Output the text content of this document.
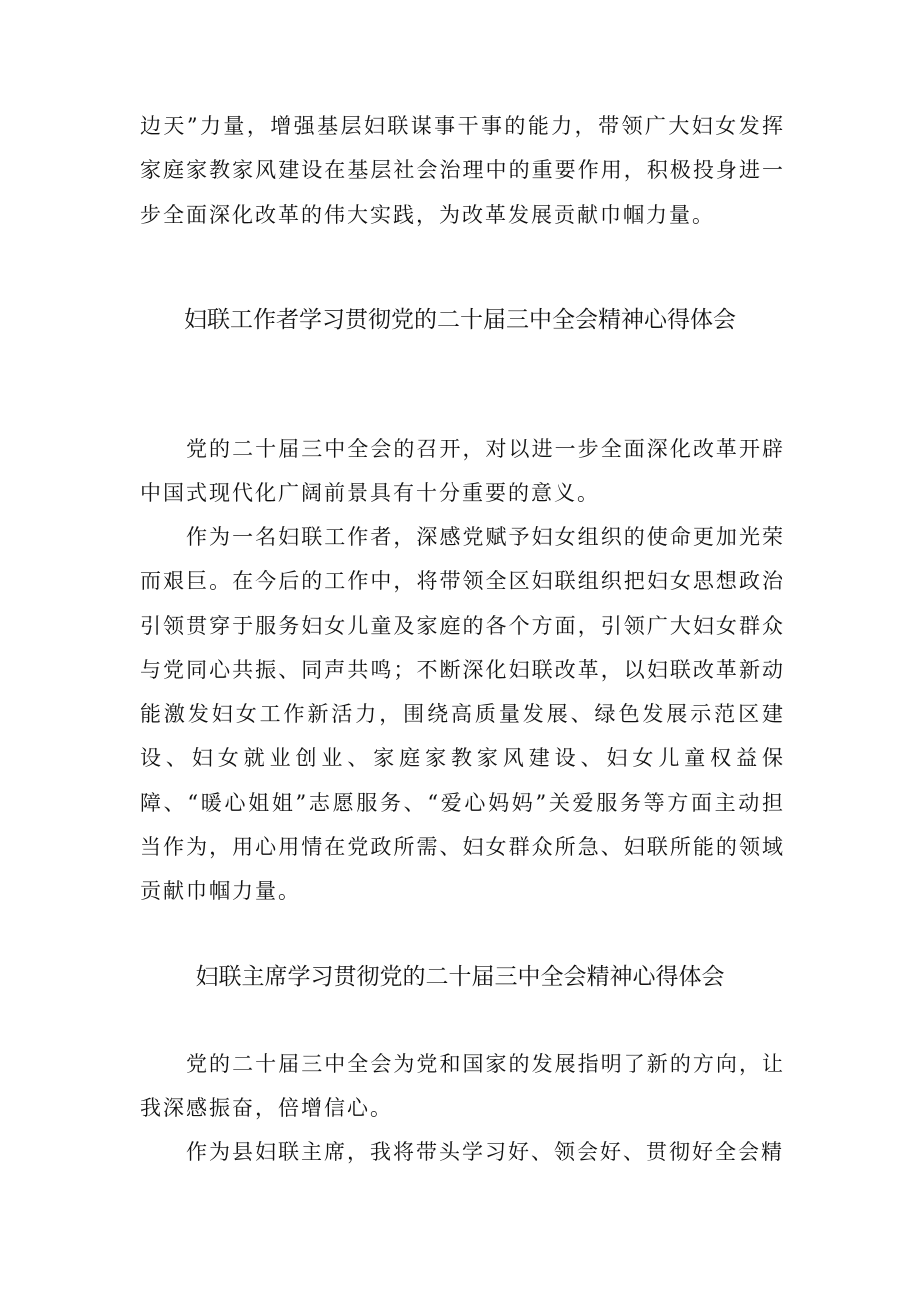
边天”力量，增强基层妇联谋事干事的能力，带领广大妇女发挥家庭家教家风建设在基层社会治理中的重要作用，积极投身进一步全面深化改革的伟大实践，为改革发展贡献巾帼力量。

妇联工作者学习贯彻党的二十届三中全会精神心得体会

党的二十届三中全会的召开，对以进一步全面深化改革开辟中国式现代化广阔前景具有十分重要的意义。

作为一名妇联工作者，深感党赋予妇女组织的使命更加光荣而艰巨。在今后的工作中，将带领全区妇联组织把妇女思想政治引领贯穿于服务妇女儿童及家庭的各个方面，引领广大妇女群众与党同心共振、同声共鸣；不断深化妇联改革，以妇联改革新动能激发妇女工作新活力，围绕高质量发展、绿色发展示范区建设、妇女就业创业、家庭家教家风建设、妇女儿童权益保障、“暖心姐姐”志愿服务、“爱心妈妈”关爱服务等方面主动担当作为，用心用情在党政所需、妇女群众所急、妇联所能的领域贡献巾帼力量。

妇联主席学习贯彻党的二十届三中全会精神心得体会

党的二十届三中全会为党和国家的发展指明了新的方向，让我深感振奋，倍增信心。

作为县妇联主席，我将带头学习好、领会好、贯彻好全会精
